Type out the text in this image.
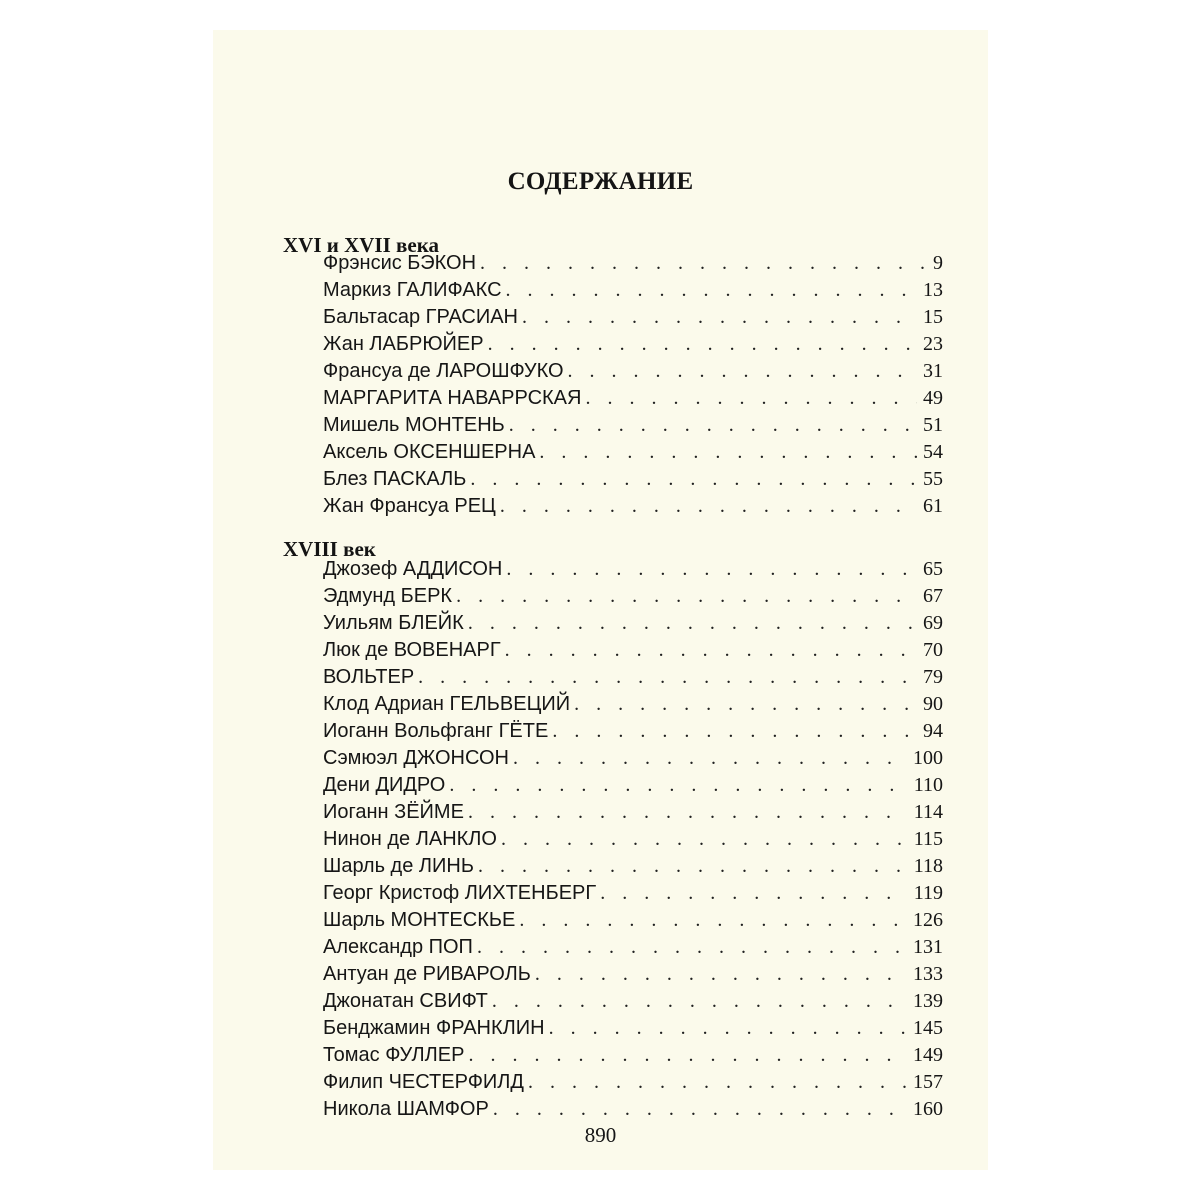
СОДЕРЖАНИЕ
XVI и XVII века
Фрэнсис БЭКОН . . .	9
Маркиз ГАЛИФАКС . . .	13
Бальтасар ГРАСИАН . . .	15
Жан ЛАБРЮЙЕР . . .	23
Франсуа де ЛАРОШФУКО . . .	31
МАРГАРИТА НАВАРРСКАЯ . . .	49
Мишель МОНТЕНЬ . . .	51
Аксель ОКСЕНШЕРНА . . .	54
Блез ПАСКАЛЬ . . .	55
Жан Франсуа РЕЦ . . .	61
XVIII век
Джозеф АДДИСОН . . .	65
Эдмунд БЕРК . . .	67
Уильям БЛЕЙК . . .	69
Люк де ВОВЕНАРГ . . .	70
ВОЛЬТЕР . . .	79
Клод Адриан ГЕЛЬВЕЦИЙ . . .	90
Иоганн Вольфганг ГЁТЕ . . .	94
Сэмюэл ДЖОНСОН . . .	100
Дени ДИДРО . . .	110
Иоганн ЗЁЙМЕ . . .	114
Нинон де ЛАНКЛО . . .	115
Шарль де ЛИНЬ . . .	118
Георг Кристоф ЛИХТЕНБЕРГ . . .	119
Шарль МОНТЕСКЬЕ . . .	126
Александр ПОП . . .	131
Антуан де РИВАРОЛЬ . . .	133
Джонатан СВИФТ . . .	139
Бенджамин ФРАНКЛИН . . .	145
Томас ФУЛЛЕР . . .	149
Филип ЧЕСТЕРФИЛД . . .	157
Никола ШАМФОР . . .	160
890
